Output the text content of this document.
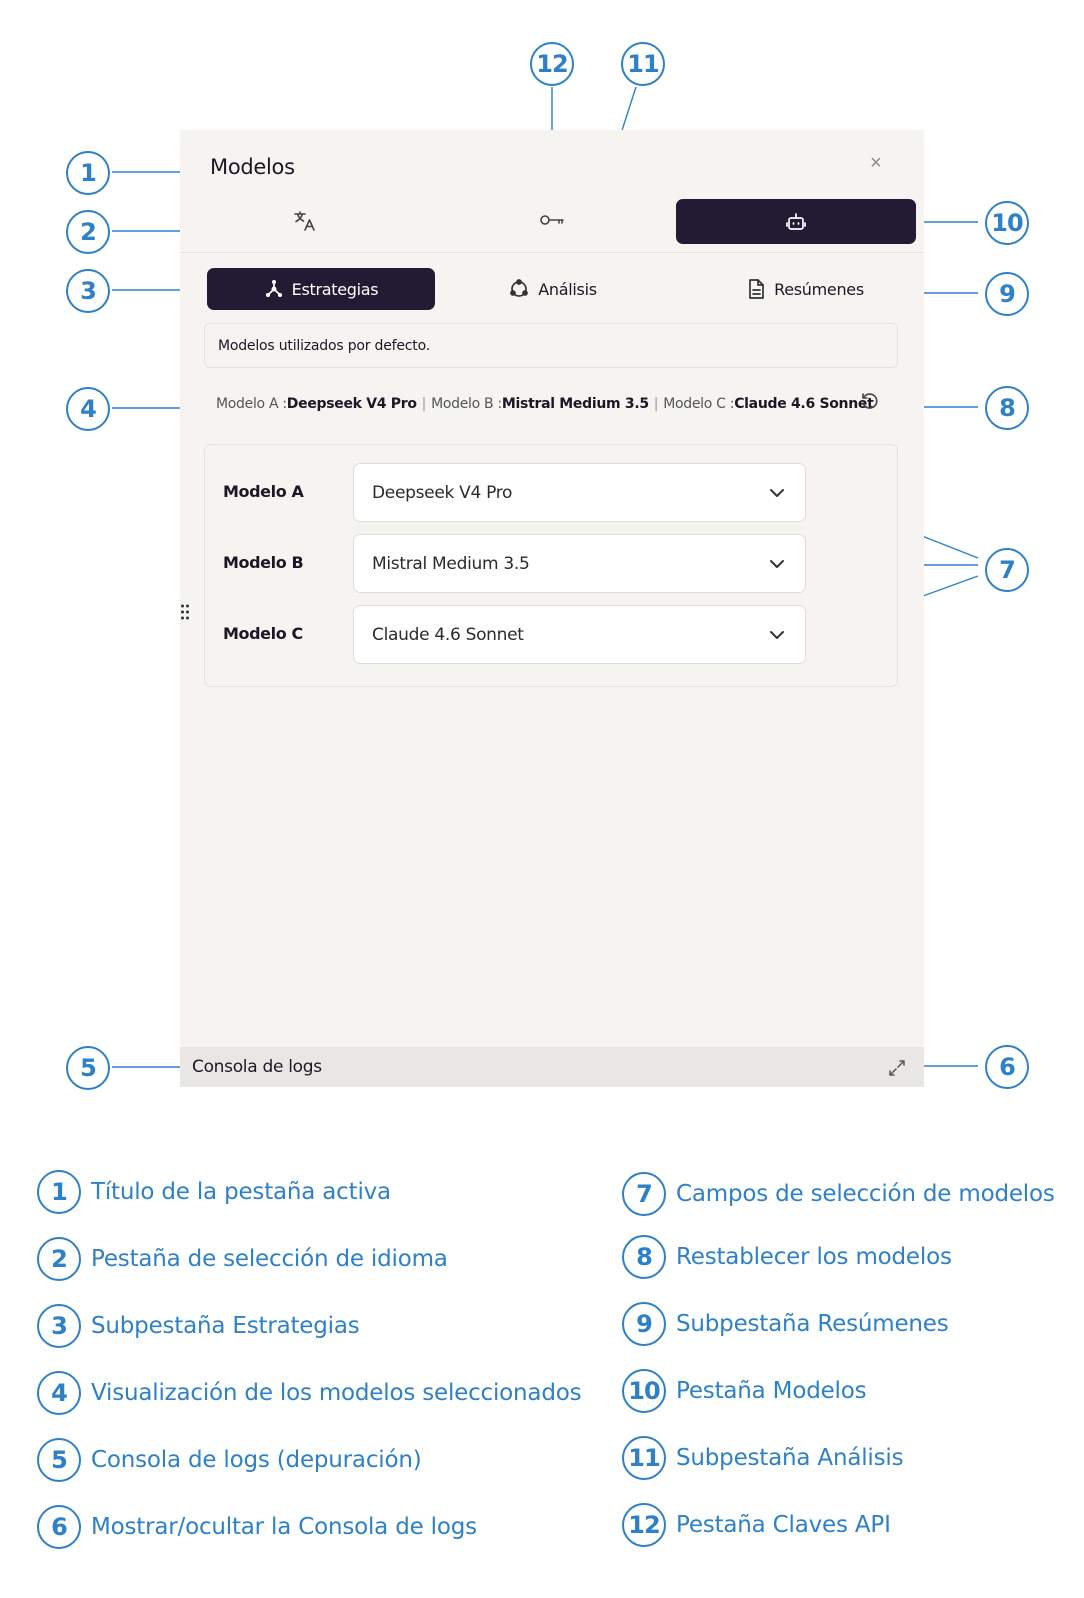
Modelos	×
Estrategias	Análisis	Resúmenes
Modelos utilizados por defecto.
Modelo A :Deepseek V4 Pro | Modelo B :Mistral Medium 3.5 | Modelo C :Claude 4.6 Sonnet
Modelo A	Deepseek V4 Pro
Modelo B	Mistral Medium 3.5
Modelo C	Claude 4.6 Sonnet
Consola de logs
1
2
3
4
5	6
7
8
9
10
11
12
1	Título de la pestaña activa
2	Pestaña de selección de idioma
3	Subpestaña Estrategias
4	Visualización de los modelos seleccionados
5	Consola de logs (depuración)
6	Mostrar/ocultar la Consola de logs
7	Campos de selección de modelos
8	Restablecer los modelos
9	Subpestaña Resúmenes
10 Pestaña Modelos
11 Subpestaña Análisis
12 Pestaña Claves API
